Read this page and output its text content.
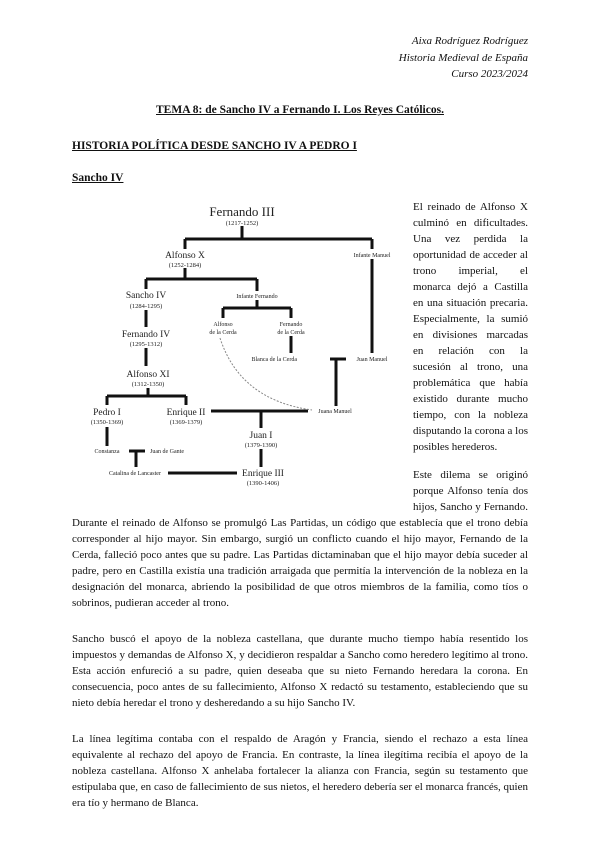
Aixa Rodríguez Rodríguez
Historia Medieval de España
Curso 2023/2024
TEMA 8: de Sancho IV a Fernando I. Los Reyes Católicos.
HISTORIA POLÍTICA DESDE SANCHO IV A PEDRO I
Sancho IV
Fernando III
(1217-1252)
Alfonso X
(1252-1284)
Infante Manuel
Sancho IV
(1284-1295)
Infante Fernando
Alfonso
de la Cerda
Fernando
de la Cerda
Fernando IV
(1295-1312)
Blanca de la Cerda	Juan Manuel
Alfonso XI
(1312-1350)
Pedro I
(1350-1369)
Enrique II
(1369-1379)
Juana Manuel
Juan I
(1379-1390)
Constanza	Juan de Gante
Catalina de Lancaster	Enrique III
(1390-1406)

El reinado de Alfonso X culminó en dificultades. Una vez perdida la oportunidad de acceder al trono imperial, el monarca dejó a Castilla en una situación precaria. Especialmente, la sumió en divisiones marcadas en relación con la sucesión al trono, una problemática que había existido durante mucho tiempo, con la nobleza disputando la corona a los posibles herederos.

Este dilema se originó porque Alfonso tenía dos hijos, Sancho y Fernando. Durante el reinado de Alfonso se promulgó Las Partidas, un código que establecía que el trono debía corresponder al hijo mayor. Sin embargo, surgió un conflicto cuando el hijo mayor, Fernando de la Cerda, falleció poco antes que su padre. Las Partidas dictaminaban que el hijo mayor debía suceder al padre, pero en Castilla existía una tradición arraigada que permitía la intervención de la nobleza en la designación del monarca, abriendo la posibilidad de que otros miembros de la familia, como tíos o sobrinos, pudieran acceder al trono.

Sancho buscó el apoyo de la nobleza castellana, que durante mucho tiempo había resentido los impuestos y demandas de Alfonso X, y decidieron respaldar a Sancho como heredero legítimo al trono. Esta acción enfureció a su padre, quien deseaba que su nieto Fernando heredara la corona. En consecuencia, poco antes de su fallecimiento, Alfonso X redactó su testamento, estableciendo que su nieto debía heredar el trono y desheredando a su hijo Sancho IV.

La línea legítima contaba con el respaldo de Aragón y Francia, siendo el rechazo a esta línea equivalente al rechazo del apoyo de Francia. En contraste, la línea ilegítima recibía el apoyo de la nobleza castellana. Alfonso X anhelaba fortalecer la alianza con Francia, según su testamento que estipulaba que, en caso de fallecimiento de sus nietos, el heredero debería ser el monarca francés, quien era tío y hermano de Blanca.
